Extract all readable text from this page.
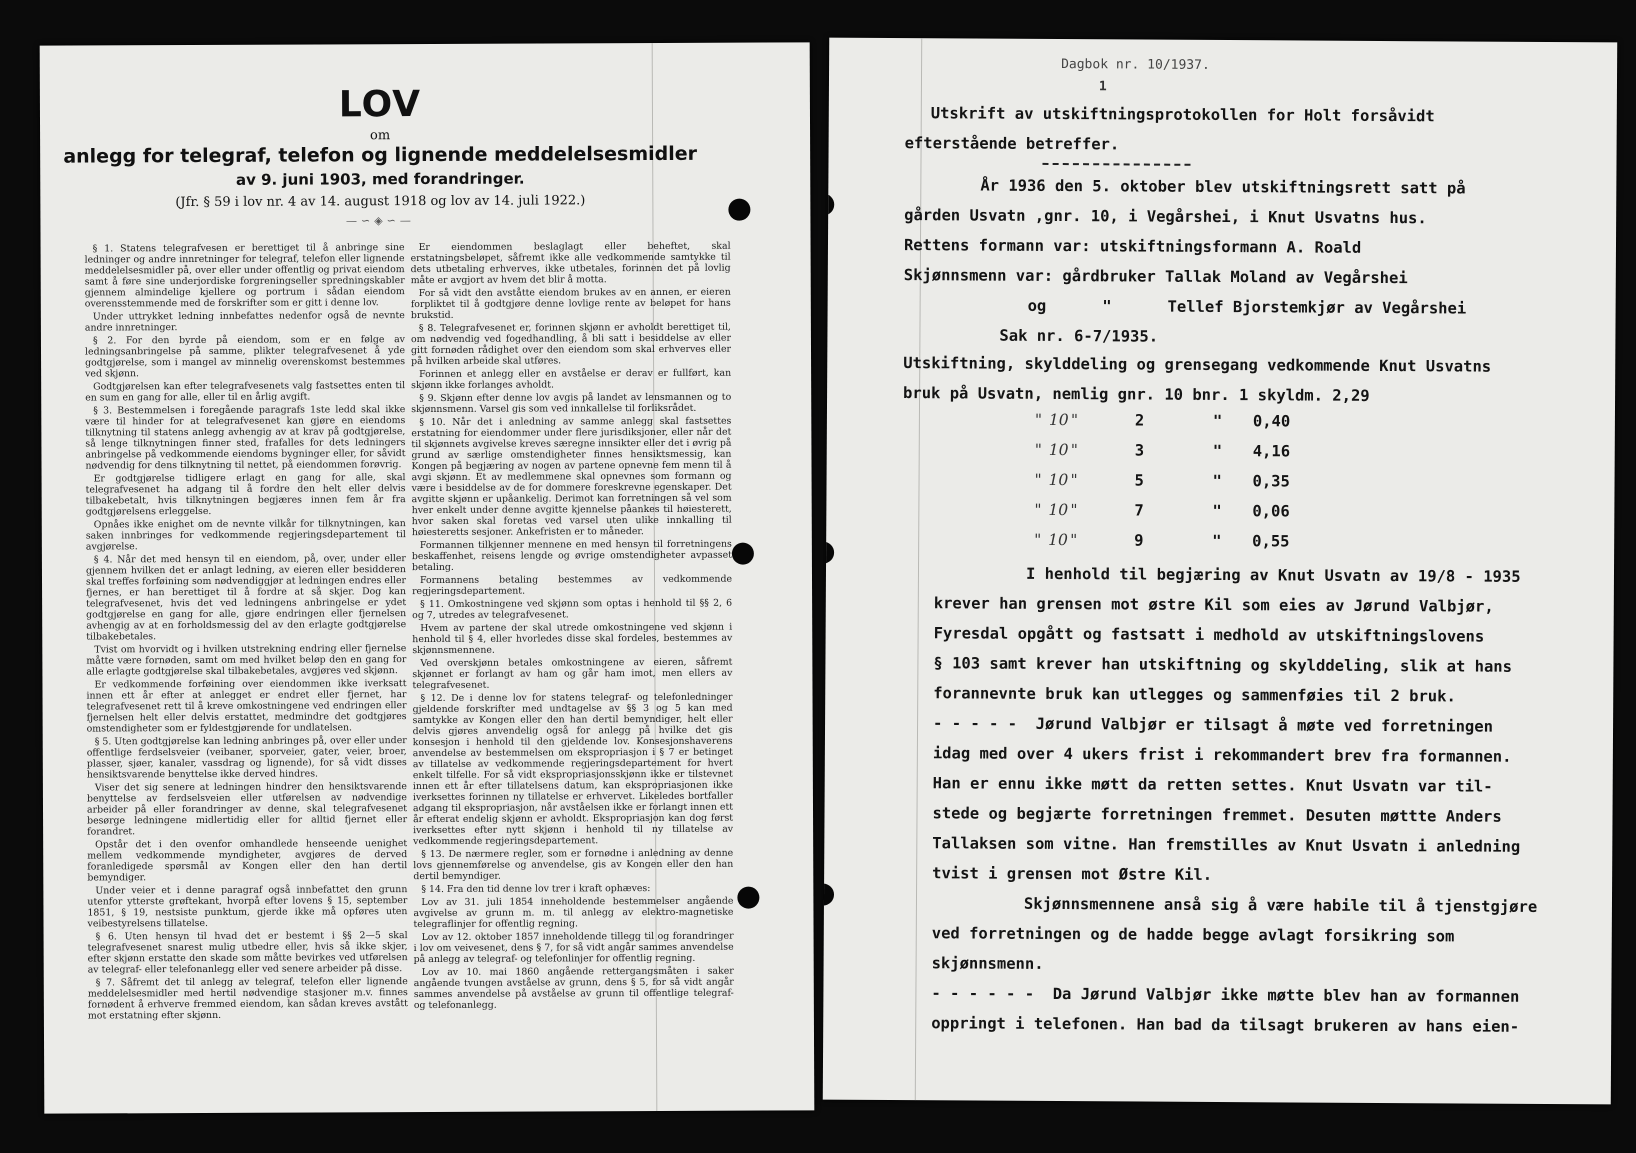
LOV
om
anlegg for telegraf, telefon og lignende meddelelsesmidler
av 9. juni 1903, med forandringer.
(Jfr. § 59 i lov nr. 4 av 14. august 1918 og lov av 14. juli 1922.)
—∽◈∽—

§ 1. Statens telegrafvesen er berettiget til å anbringe sine ledninger og andre innretninger for telegraf, telefon eller lignende meddelelsesmidler på, over eller under offentlig og privat eiendom samt å føre sine underjordiske forgreningseller spredningskabler gjennem almindelige kjellere og portrum i sådan eiendom overensstemmende med de forskrifter som er gitt i denne lov.

Under uttrykket ledning innbefattes nedenfor også de nevnte andre innretninger.

§ 2. For den byrde på eiendom, som er en følge av ledningsanbringelse på samme, plikter telegrafvesenet å yde godtgjørelse, som i mangel av minnelig overenskomst bestemmes ved skjønn.

Godtgjørelsen kan efter telegrafvesenets valg fastsettes enten til en sum en gang for alle, eller til en årlig avgift.

§ 3. Bestemmelsen i foregående paragrafs 1ste ledd skal ikke være til hinder for at telegrafvesenet kan gjøre en eiendoms tilknytning til statens anlegg avhengig av at krav på godtgjørelse, så lenge tilknytningen finner sted, frafalles for dets ledningers anbringelse på vedkommende eiendoms bygninger eller, for såvidt nødvendig for dens tilknytning til nettet, på eiendommen forøvrig.

Er godtgjørelse tidligere erlagt en gang for alle, skal telegrafvesenet ha adgang til å fordre den helt eller delvis tilbakebetalt, hvis tilknytningen begjæres innen fem år fra godtgjørelsens erleggelse.

Opnåes ikke enighet om de nevnte vilkår for tilknytningen, kan saken innbringes for vedkommende regjeringsdepartement til avgjørelse.

§ 4. Når det med hensyn til en eiendom, på, over, under eller gjennem hvilken det er anlagt ledning, av eieren eller besidderen skal treffes forføining som nødvendiggjør at ledningen endres eller fjernes, er han berettiget til å fordre at så skjer. Dog kan telegrafvesenet, hvis det ved ledningens anbringelse er ydet godtgjørelse en gang for alle, gjøre endringen eller fjernelsen avhengig av at en forholdsmessig del av den erlagte godtgjørelse tilbakebetales.

Tvist om hvorvidt og i hvilken utstrekning endring eller fjernelse måtte være fornøden, samt om med hvilket beløp den en gang for alle erlagte godtgjørelse skal tilbakebetales, avgjøres ved skjønn.

Er vedkommende forføining over eiendommen ikke iverksatt innen ett år efter at anlegget er endret eller fjernet, har telegrafvesenet rett til å kreve omkostningene ved endringen eller fjernelsen helt eller delvis erstattet, medmindre det godtgjøres omstendigheter som er fyldestgjørende for undlatelsen.

§ 5. Uten godtgjørelse kan ledning anbringes på, over eller under offentlige ferdselsveier (veibaner, sporveier, gater, veier, broer, plasser, sjøer, kanaler, vassdrag og lignende), for så vidt disses hensiktsvarende benyttelse ikke derved hindres.

Viser det sig senere at ledningen hindrer den hensiktsvarende benyttelse av ferdselsveien eller utførelsen av nødvendige arbeider på eller forandringer av denne, skal telegrafvesenet besørge ledningene midlertidig eller for alltid fjernet eller forandret.

Opstår det i den ovenfor omhandlede henseende uenighet mellem vedkommende myndigheter, avgjøres de derved foranledigede spørsmål av Kongen eller den han dertil bemyndiger.

Under veier et i denne paragraf også innbefattet den grunn utenfor ytterste grøftekant, hvorpå efter lovens § 15, september 1851, § 19, nestsiste punktum, gjerde ikke må opføres uten veibestyrelsens tillatelse.

§ 6. Uten hensyn til hvad det er bestemt i §§ 2—5 skal telegrafvesenet snarest mulig utbedre eller, hvis så ikke skjer, efter skjønn erstatte den skade som måtte bevirkes ved utførelsen av telegraf- eller telefonanlegg eller ved senere arbeider på disse.

§ 7. Såfremt det til anlegg av telegraf, telefon eller lignende meddelelsesmidler med hertil nødvendige stasjoner m.v. finnes fornødent å erhverve fremmed eiendom, kan sådan kreves avstått mot erstatning efter skjønn.

Er eiendommen beslaglagt eller beheftet, skal erstatningsbeløpet, såfremt ikke alle vedkommende samtykke til dets utbetaling erhverves, ikke utbetales, forinnen det på lovlig måte er avgjort av hvem det blir å motta.

For så vidt den avståtte eiendom brukes av en annen, er eieren forpliktet til å godtgjøre denne lovlige rente av beløpet for hans brukstid.

§ 8. Telegrafvesenet er, forinnen skjønn er avholdt berettiget til, om nødvendig ved fogedhandling, å bli satt i besiddelse av eller gitt fornøden rådighet over den eiendom som skal erhverves eller på hvilken arbeide skal utføres.

Forinnen et anlegg eller en avståelse er derav er fullført, kan skjønn ikke forlanges avholdt.

§ 9. Skjønn efter denne lov avgis på landet av lensmannen og to skjønnsmenn. Varsel gis som ved innkallelse til forliksrådet.

§ 10. Når det i anledning av samme anlegg skal fastsettes erstatning for eiendommer under flere jurisdiksjoner, eller når det til skjønnets avgivelse kreves særegne innsikter eller det i øvrig på grund av særlige omstendigheter finnes hensiktsmessig, kan Kongen på begjæring av nogen av partene opnevne fem menn til å avgi skjønn. Et av medlemmene skal opnevnes som formann og være i besiddelse av de for dommere foreskrevne egenskaper. Det avgitte skjønn er upåankelig. Derimot kan forretningen så vel som hver enkelt under denne avgitte kjennelse påankes til høiesterett, hvor saken skal foretas ved varsel uten ulike innkalling til høiesteretts sesjoner. Ankefristen er to måneder.

Formannen tilkjenner mennene en med hensyn til forretningens beskaffenhet, reisens lengde og øvrige omstendigheter avpasset betaling.

Formannens betaling bestemmes av vedkommende regjeringsdepartement.

§ 11. Omkostningene ved skjønn som optas i henhold til §§ 2, 6 og 7, utredes av telegrafvesenet.

Hvem av partene der skal utrede omkostningene ved skjønn i henhold til § 4, eller hvorledes disse skal fordeles, bestemmes av skjønnsmennene.

Ved overskjønn betales omkostningene av eieren, såfremt skjønnet er forlangt av ham og går ham imot, men ellers av telegrafvesenet.

§ 12. De i denne lov for statens telegraf- og telefonledninger gjeldende forskrifter med undtagelse av §§ 3 og 5 kan med samtykke av Kongen eller den han dertil bemyndiger, helt eller delvis gjøres anvendelig også for anlegg på hvilke det gis konsesjon i henhold til den gjeldende lov. Konsesjonshaverens anvendelse av bestemmelsen om ekspropriasjon i § 7 er betinget av tillatelse av vedkommende regjeringsdepartement for hvert enkelt tilfelle. For så vidt ekspropriasjonsskjønn ikke er tilstevnet innen ett år efter tillatelsens datum, kan ekspropriasjonen ikke iverksettes forinnen ny tillatelse er erhvervet. Likeledes bortfaller adgang til ekspropriasjon, når avståelsen ikke er forlangt innen ett år efterat endelig skjønn er avholdt. Ekspropriasjon kan dog først iverksettes efter nytt skjønn i henhold til ny tillatelse av vedkommende regjeringsdepartement.

§ 13. De nærmere regler, som er fornødne i anledning av denne lovs gjennemførelse og anvendelse, gis av Kongen eller den han dertil bemyndiger.

§ 14. Fra den tid denne lov trer i kraft ophæves:

Lov av 31. juli 1854 inneholdende bestemmelser angående avgivelse av grunn m. m. til anlegg av elektro-magnetiske telegraflinjer for offentlig regning.

Lov av 12. oktober 1857 inneholdende tillegg til og forandringer i lov om veivesenet, dens § 7, for så vidt angår sammes anvendelse på anlegg av telegraf- og telefonlinjer for offentlig regning.

Lov av 10. mai 1860 angående rettergangsmåten i saker angående tvungen avståelse av grunn, dens § 5, for så vidt angår sammes anvendelse på avståelse av grunn til offentlige telegraf- og telefonanlegg.

Dagbok nr. 10/1937.
1
Utskrift av utskiftningsprotokollen for Holt forsåvidt
efterstående betreffer.
År 1936 den 5. oktober blev utskiftningsrett satt på
gården Usvatn ,gnr. 10, i Vegårshei, i Knut Usvatns hus.
Rettens formann var: utskiftningsformann A. Roald
Skjønnsmenn var: gårdbruker Tallak Moland av Vegårshei
og      "      Tellef Bjorstemkjør av Vegårshei
Sak nr. 6-7/1935.
Utskiftning, skylddeling og grensegang vedkommende Knut Usvatns
bruk på Usvatn, nemlig gnr. 10 bnr. 1 skyldm. 2,29
" 10 "	2	" 0,40
" 10 "	3	" 4,16
" 10 "	5	" 0,35
" 10 "	7	" 0,06
" 10 "	9	" 0,55
I henhold til begjæring av Knut Usvatn av 19/8 - 1935
krever han grensen mot østre Kil som eies av Jørund Valbjør,
Fyresdal opgått og fastsatt i medhold av utskiftningslovens
§ 103 samt krever han utskiftning og skylddeling, slik at hans
forannevnte bruk kan utlegges og sammenføies til 2 bruk.
- - - - -  Jørund Valbjør er tilsagt å møte ved forretningen
idag med over 4 ukers frist i rekommandert brev fra formannen.
Han er ennu ikke møtt da retten settes. Knut Usvatn var til-
stede og begjærte forretningen fremmet. Desuten møttte Anders
Tallaksen som vitne. Han fremstilles av Knut Usvatn i anledning
tvist i grensen mot Østre Kil.
Skjønnsmennene anså sig å være habile til å tjenstgjøre
ved forretningen og de hadde begge avlagt forsikring som
skjønnsmenn.
- - - - - -  Da Jørund Valbjør ikke møtte blev han av formannen
oppringt i telefonen. Han bad da tilsagt brukeren av hans eien-
